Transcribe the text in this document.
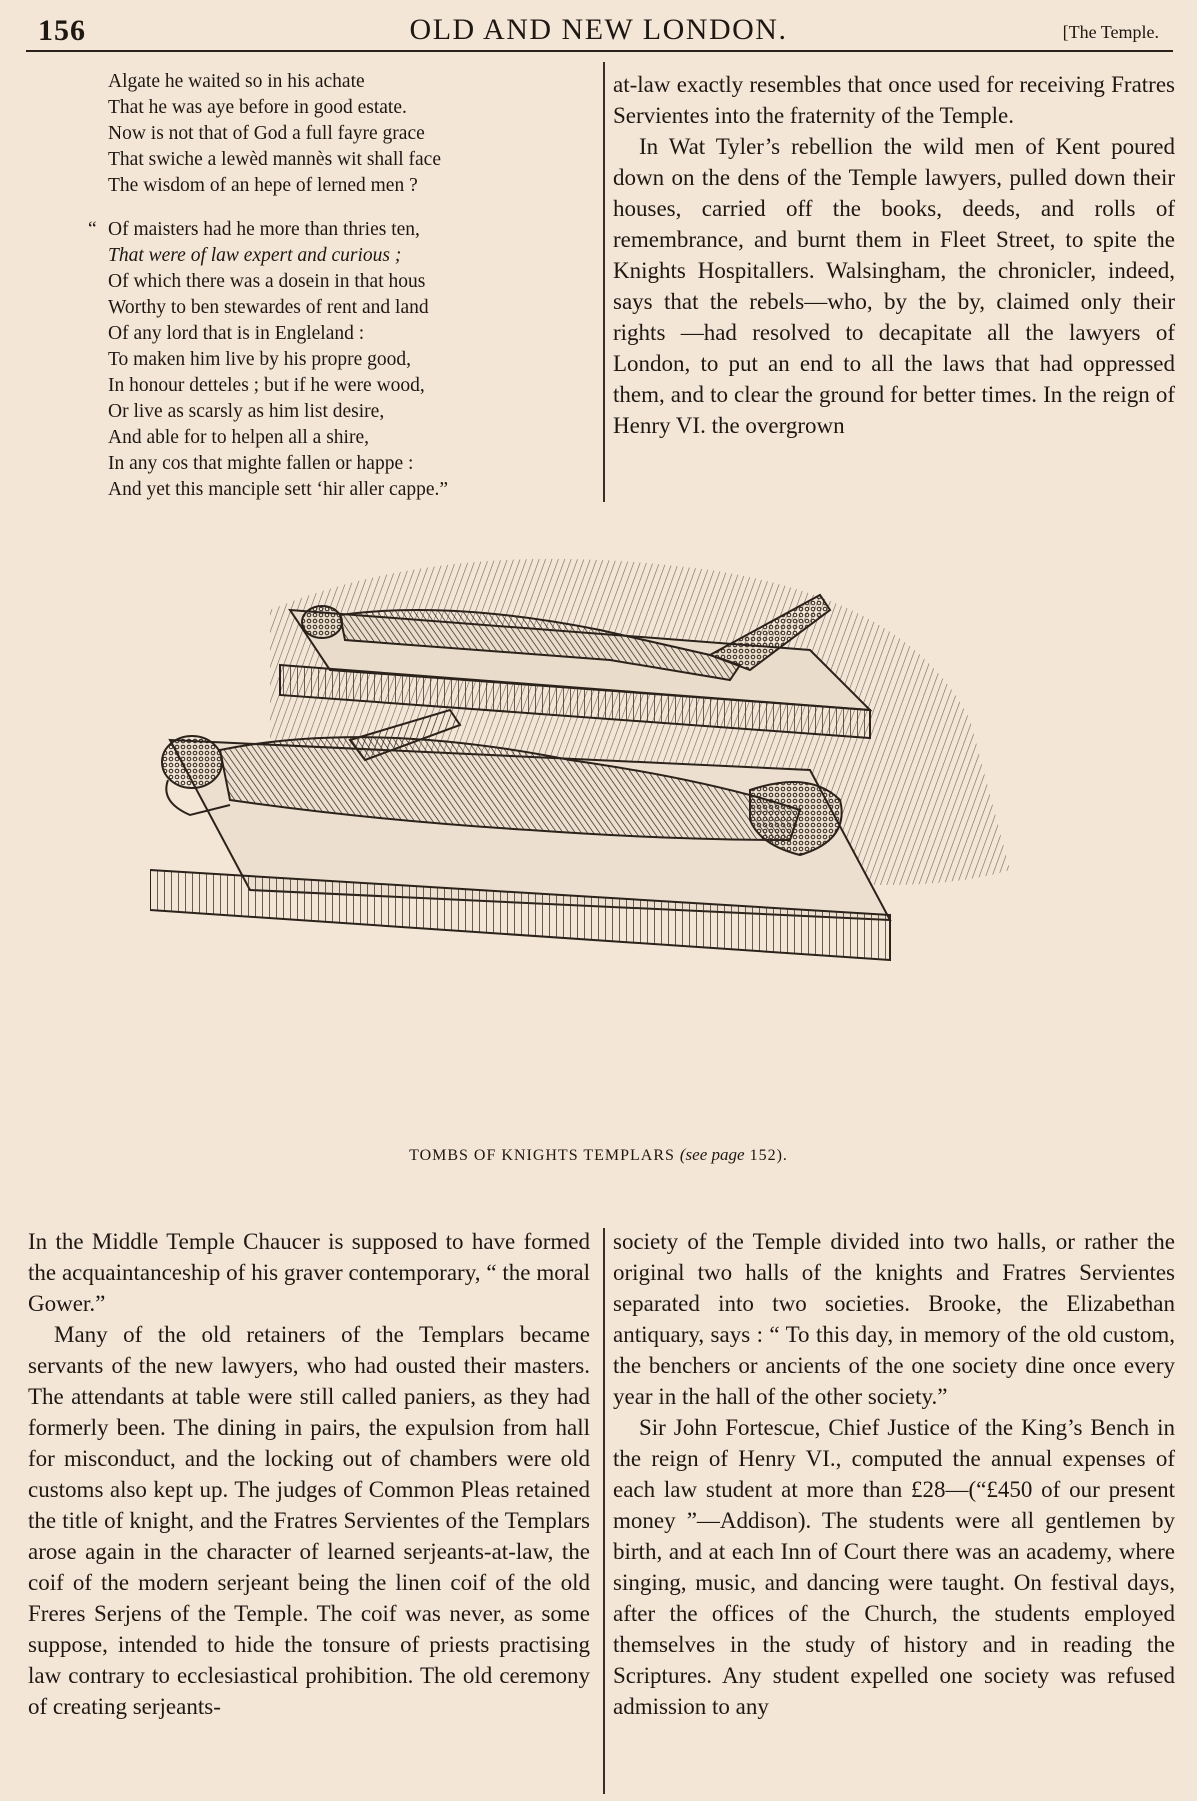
156	OLD AND NEW LONDON.	[The Temple.
Algate he waited so in his achate
That he was aye before in good estate.
Now is not that of God a full fayre grace
That swiche a lewèd mannès wit shall face
The wisdom of an hepe of lerned men ?
“ Of maisters had he more than thries ten,
That were of law expert and curious ;
Of which there was a dosein in that hous
Worthy to ben stewardes of rent and land
Of any lord that is in Engleland :
To maken him live by his propre good,
In honour detteles ; but if he were wood,
Or live as scarsly as him list desire,
And able for to helpen all a shire,
In any cos that mighte fallen or happe :
And yet this manciple sett ‘hir aller cappe.”

at-law exactly resembles that once used for receiving Fratres Servientes into the fraternity of the Temple.

In Wat Tyler’s rebellion the wild men of Kent poured down on the dens of the Temple lawyers, pulled down their houses, carried off the books, deeds, and rolls of remembrance, and burnt them in Fleet Street, to spite the Knights Hospitallers. Walsingham, the chronicler, indeed, says that the rebels—who, by the by, claimed only their rights —had resolved to decapitate all the lawyers of London, to put an end to all the laws that had oppressed them, and to clear the ground for better times. In the reign of Henry VI. the overgrown

TOMBS OF KNIGHTS TEMPLARS (see page 152).

In the Middle Temple Chaucer is supposed to have formed the acquaintanceship of his graver contemporary, “ the moral Gower.”

Many of the old retainers of the Templars became servants of the new lawyers, who had ousted their masters. The attendants at table were still called paniers, as they had formerly been. The dining in pairs, the expulsion from hall for misconduct, and the locking out of chambers were old customs also kept up. The judges of Common Pleas retained the title of knight, and the Fratres Servientes of the Templars arose again in the character of learned serjeants-at-law, the coif of the modern serjeant being the linen coif of the old Freres Serjens of the Temple. The coif was never, as some suppose, intended to hide the tonsure of priests practising law contrary to ecclesiastical prohibition. The old ceremony of creating serjeants-

society of the Temple divided into two halls, or rather the original two halls of the knights and Fratres Servientes separated into two societies. Brooke, the Elizabethan antiquary, says : “ To this day, in memory of the old custom, the benchers or ancients of the one society dine once every year in the hall of the other society.”

Sir John Fortescue, Chief Justice of the King’s Bench in the reign of Henry VI., computed the annual expenses of each law student at more than £28—(“£450 of our present money ”—Addison). The students were all gentlemen by birth, and at each Inn of Court there was an academy, where singing, music, and dancing were taught. On festival days, after the offices of the Church, the students employed themselves in the study of history and in reading the Scriptures. Any student expelled one society was refused admission to any
